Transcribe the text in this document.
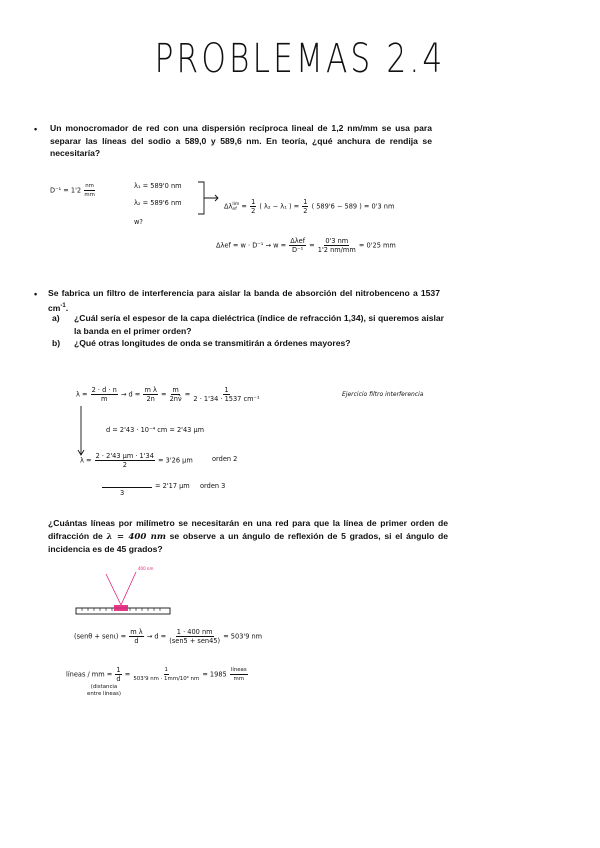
PROBLEMAS 2.4
• Un monocromador de red con una dispersión recíproca lineal de 1,2 nm/mm se usa para separar las líneas del sodio a 589,0 y 589,6 nm. En teoría, ¿qué anchura de rendija se necesitaría?
$D^{-1} = 1'2 \frac{nm}{mm}$	λ₁ = 589'0 nm
λ₂ = 589'6 nm
w?
Δλ lim
ef = $\frac{1}{2}$ ( λ₂ − λ₁ ) = $\frac{1}{2}$ ( 589'6 − 589 ) = 0'3 nm
$\Delta\lambda ef = w \cdot D^{-1} \to w = \frac{\text{Δλef}}{\text{D⁻¹}} = \frac{0'3 nm}{1'2 nm/mm} = 0'25$ mm
• Se fabrica un filtro de interferencia para aislar la banda de absorción del nitrobenceno a 1537 $cm^{-1}$.
a) ¿Cuál sería el espesor de la capa dieléctrica (índice de refracción 1,34), si queremos aislar la banda en el primer orden?
b) ¿Qué otras longitudes de onda se transmitirán a órdenes mayores?
$\lambda = \frac{2 \cdot d \cdot n}{m} \to d = \frac{\text{m λ}}{2n} = \frac{m}{2n\nū} = \frac{1}{\text{2 · 1'34 · 1537 cm⁻¹}}$	Ejercicio filtro interferencia
d = 2'43 · 10⁻⁴ cm = 2'43 μm
$\lambda = \frac{2 \cdot 2'43 \mu m \cdot 1'34}{2} = 3'26$ μm	orden 2
3
= 2'17 μm orden 3
¿Cuántas líneas por milímetro se necesitarán en una red para que la línea de primer orden de difracción de λ = 400 nm se observe a un ángulo de reflexión de 5 grados, si el ángulo de incidencia es de 45 grados?
400 nm
$(sen\theta + sen\iota) = \frac{\text{m λ}}{d} \to d = \frac{1 \cdot 400 nm}{\text{(sen5 + sen45)}} = 503'9$ nm
líneas / mm = $\frac{1}{d} = \frac{1}{\text{503'9 nm · 1mm/10⁶ nm}} = 1985 \frac{\text{líneas}}{mm}$
(distancia entre líneas)
